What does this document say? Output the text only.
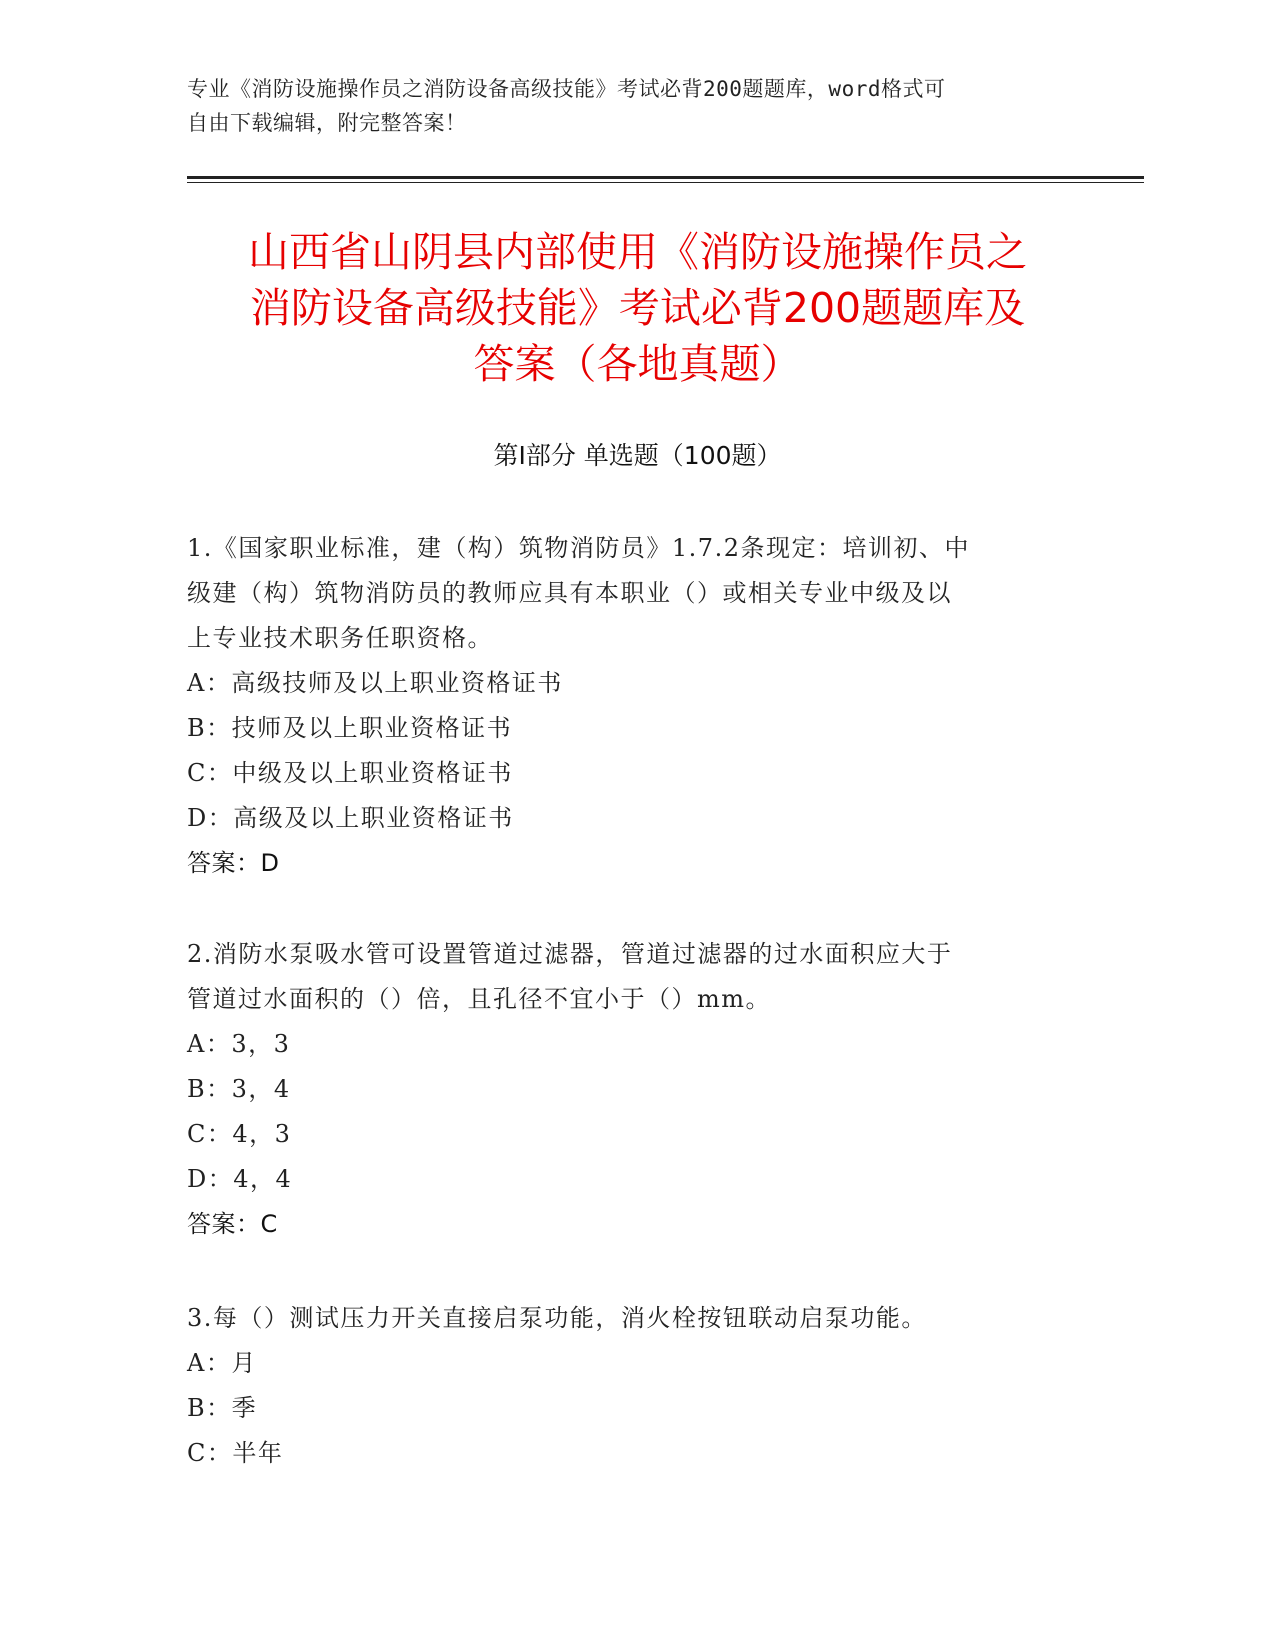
专业《消防设施操作员之消防设备高级技能》考试必背200题题库，word格式可
自由下载编辑，附完整答案！
山西省山阴县内部使用《消防设施操作员之
消防设备高级技能》考试必背200题题库及
答案（各地真题）
第Ⅰ部分 单选题（100题）
1.《国家职业标准，建（构）筑物消防员》1.7.2条现定：培训初、中
级建（构）筑物消防员的教师应具有本职业（）或相关专业中级及以
上专业技术职务任职资格。
A：高级技师及以上职业资格证书
B：技师及以上职业资格证书
C：中级及以上职业资格证书
D：高级及以上职业资格证书
答案：D
2.消防水泵吸水管可设置管道过滤器，管道过滤器的过水面积应大于
管道过水面积的（）倍，且孔径不宜小于（）mm。
A：3，3
B：3，4
C：4，3
D：4，4
答案：C
3.每（）测试压力开关直接启泵功能，消火栓按钮联动启泵功能。
A：月
B：季
C：半年
